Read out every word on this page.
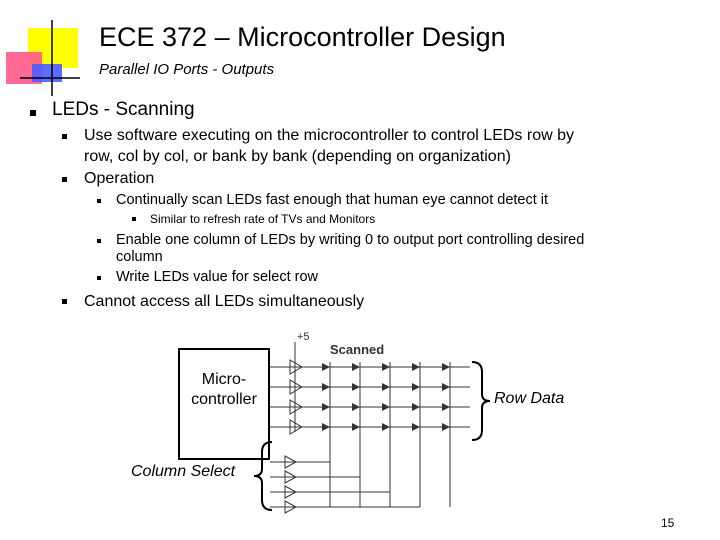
ECE 372 – Microcontroller Design
Parallel IO Ports - Outputs
LEDs - Scanning
Use software executing on the microcontroller to control LEDs row by
row, col by col, or bank by bank (depending on organization)
Operation
Continually scan LEDs fast enough that human eye cannot detect it
Similar to refresh rate of TVs and Monitors
Enable one column of LEDs by writing 0 to output port controlling desired
column
Write LEDs value for select row
Cannot access all LEDs simultaneously
Scanned
+5
Micro-
controller	Row Data
Column Select
15
